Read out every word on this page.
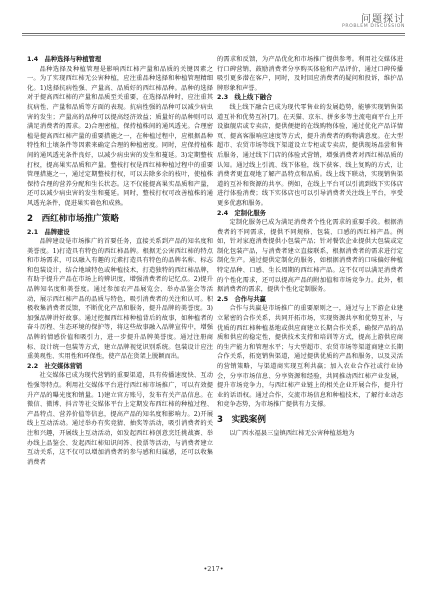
问题探讨
PROBLEM DISCUSSION

1.4　品种选择与种植管理

品种选择及种植管理是影响西红柿产量和品质的关键因素之一。为了实现西红柿无公害种植，应注重品种选择和种植管理精细化。1)选择抗病性强、产量高、品质好的西红柿品种。品种的选择对于提高西红柿的产量和品质至关重要，在选择品种时，应注重其抗病性、产量和品质等方面的表现。抗病性强的品种可以减少病虫害的发生；产量高的品种可以提高经济效益；质量好的品种则可以满足消费者的需求。2)合理密植，保持植株间的通风透光。合理密植是提高西红柿产量的重要措施之一，在种植过程中，应根据品种特性和土壤条件等因素来确定合理的种植密度。同时，应保持植株间的通风透光条件良好，以减少病虫害的发生和蔓延。3)定期整枝打杈，提高果实品质和产量。整枝打杈是西红柿种植过程中的重要管理措施之一，通过定期整枝打杈，可以去除多余的枝叶，使植株保持合理的营养分配和生长状态。这不仅能提高果实品质和产量，还可以减少病虫害的发生和蔓延。同时，整枝打杈可改善植株的通风透光条件，促进果实着色和成熟。

2　西红柿市场推广策略

2.1　品牌建设

品牌建设是市场推广的首要任务，直接关系到产品的知名度和美誉度。1)打造具有特色的西红柿品牌。根据无公害西红柿的特点和市场需求，可以融入有趣的元素打造具有特色的品牌名称、标志和包装设计，结合地域特色或种植技术，打造独特的西红柿品牌，有助于提升产品在市场上的辨识度，增强消费者的记忆点。2)提升品牌知名度和美誉度。通过参加农产品展览会、举办品鉴会等活动，展示西红柿产品的品质与特色，吸引消费者的关注和认可。积极收集消费者反馈，不断优化产品和服务，提升品牌的美誉度。3)加强品牌讲好故事。通过挖掘西红柿种植背后的故事，如种植者的奋斗历程、生态环境的保护等，将这些故事融入品牌宣传中，增强品牌的情感价值和吸引力，进一步提升品牌美誉度。通过注册商标、设计统一包装等方式，建立品牌视觉识别系统。包装设计应注重美观性、实用性和环保性，使产品在货架上脱颖而出。

2.2　社交媒体营销

社交媒体已成为现代营销的重要渠道，具有传播速度快、互动性强等特点。利用社交媒体平台进行西红柿市场推广，可以有效提升产品的曝光度和销量。1)建立官方账号，发布有关产品信息。在微信、微博、抖音等社交媒体平台上定期发布西红柿的种植过程、产品特点、营养价值等信息，提高产品的知名度和影响力。2)开展线上互动活动。通过举办有奖竞猜、抽奖等活动，吸引消费者的关注和兴趣，开展线上互动活动，如发起西红柿创意烹饪挑战赛、举办线上品鉴会、发起西红柿知识问答、投票等活动，与消费者建立互动关系，这不仅可以增加消费者的参与感和归属感，还可以收集消费者

的需求和反馈，为产品优化和市场推广提供参考。利用社交媒体进行口碑营销，鼓励消费者分享购买体验和产品评价，通过口碑传播吸引更多潜在客户，同时，及时回应消费者的疑问和投诉，维护品牌形象和声誉。

2.3　线上线下融合

线上线下融合已成为现代零售业的发展趋势，能够实现销售渠道互补和优势互补[7]。在天猫、京东、拼多多等主流电商平台上开设旗舰店或专卖店，提供便捷的在线购物体验，通过优化产品详情页、提高客服响应速度等方式，提升消费者的购物满意度。在大型超市、农贸市场等线下渠道设立专柜或专卖店，提供现场品尝和售后服务，通过线下门店的体验式营销，增强消费者对西红柿品质的认知。通过线上引流、线下体验，线下获客、线上复购的方式，让消费者更直观地了解产品特点和品质。线上线下联动，实现销售渠道的互补和资源的共享。例如，在线上平台可以引流到线下实体店进行体验消费；线下实体店也可以引导消费者关注线上平台，享受更多优惠和服务。

2.4　定制化服务

定制化服务已成为满足消费者个性化需求的重要手段。根据消费者的不同需求，提供不同规格、包装、口感的西红柿产品。例如，针对家庭消费提供小包装产品；针对餐饮企业提供大包装或定制化包装产品，与消费者建立直接联系，根据消费者的需求进行定制化生产。通过提供定制化的服务，如根据消费者的口味偏好种植特定品种、口感、生长周期的西红柿产品。这不仅可以满足消费者的个性化需求，还可以提高产品的附加值和市场竞争力。此外，根据消费者的需求，提供个性化定制服务。

2.5　合作与共赢

合作与共赢是市场推广的重要原则之一，通过与上下游企业建立紧密的合作关系，共同开拓市场，实现资源共享和优势互补，与优质的西红柿种植基地或供应商建立长期合作关系，确保产品的品质和供应的稳定性，提供技术支持和培训等方式，提高上游供应商的生产能力和管理水平；与大型超市、农贸市场等渠道商建立长期合作关系，拓宽销售渠道，通过提供优质的产品和服务，以及灵活的营销策略，与渠道商实现互利共赢；加入农业合作社或行业协会，分享市场信息、分享资源和经验，共同推动西红柿产业发展，提升市场竞争力，与西红柿产业链上的相关企业开展合作，提升行业的话语权。通过合作，交流市场信息和种植技术，了解行业动态和竞争态势，为市场推广提供有力支撑。

3　实践案例

以广西水福县三皇镇西红柿无公害种植基地为

•217•
